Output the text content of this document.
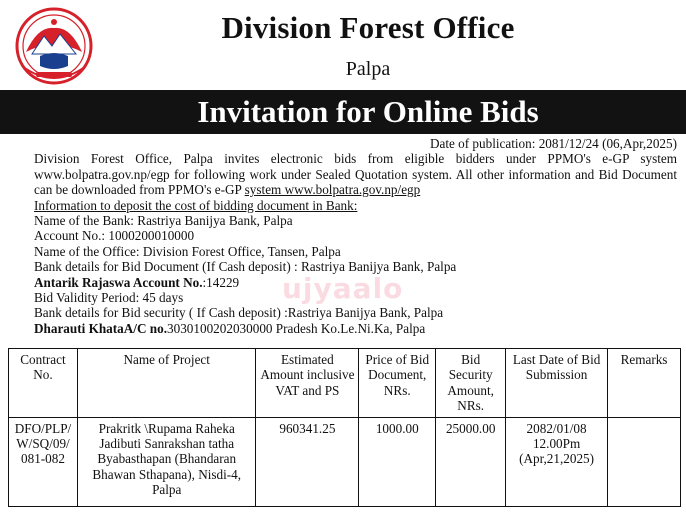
Division Forest Office
Palpa
Invitation for Online Bids
Date of publication: 2081/12/24 (06,Apr,2025)
Division Forest Office, Palpa invites electronic bids from eligible bidders under PPMO's e-GP system www.bolpatra.gov.np/egp for following work under Sealed Quotation system. All other information and Bid Document can be downloaded from PPMO's e-GP system www.bolpatra.gov.np/egp
Information to deposit the cost of bidding document in Bank:
Name of the Bank: Rastriya Banijya Bank, Palpa
Account No.: 1000200010000
Name of the Office: Division Forest Office, Tansen, Palpa
Bank details for Bid Document (If Cash deposit) : Rastriya Banijya Bank, Palpa
Antarik Rajaswa Account No.:14229
Bid Validity Period: 45 days
Bank details for Bid security ( If Cash deposit) :Rastriya Banijya Bank, Palpa
Dharauti KhataA/C no.3030100202030000 Pradesh Ko.Le.Ni.Ka, Palpa
ujyaalo
Contract No.	Name of Project	Estimated Amount inclusive VAT and PS	Price of Bid Document, NRs.	Bid Security Amount, NRs.	Last Date of Bid Submission	Remarks
DFO/PLP/ W/SQ/09/ 081-082	Prakritk \Rupama Raheka Jadibuti Sanrakshan tatha Byabasthapan (Bhandaran Bhawan Sthapana), Nisdi-4, Palpa	960341.25	1000.00	25000.00	2082/01/08 12.00Pm (Apr,21,2025)	
